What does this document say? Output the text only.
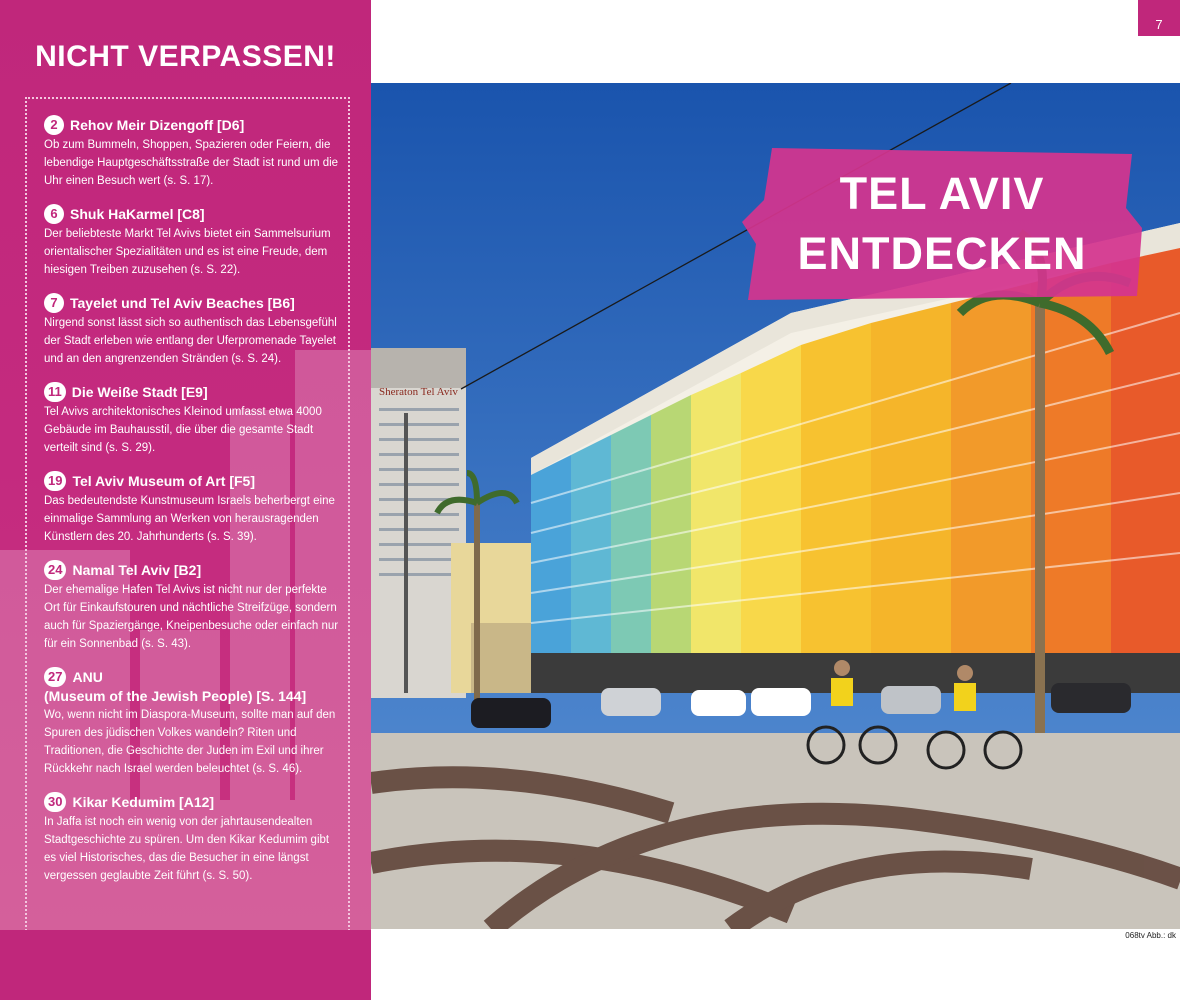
NICHT VERPASSEN!
2 Rehov Meir Dizengoff [D6]
Ob zum Bummeln, Shoppen, Spazieren oder Feiern, die lebendige Hauptgeschäftsstraße der Stadt ist rund um die Uhr einen Besuch wert (s. S. 17).
6 Shuk HaKarmel [C8]
Der beliebteste Markt Tel Avivs bietet ein Sammelsurium orientalischer Spezialitäten und es ist eine Freude, dem hiesigen Treiben zuzusehen (s. S. 22).
7 Tayelet und Tel Aviv Beaches [B6]
Nirgend sonst lässt sich so authentisch das Lebensgefühl der Stadt erleben wie entlang der Uferpromenade Tayelet und an den angrenzenden Stränden (s. S. 24).
11 Die Weiße Stadt [E9]
Tel Avivs architektonisches Kleinod umfasst etwa 4000 Gebäude im Bauhausstil, die über die gesamte Stadt verteilt sind (s. S. 29).
19 Tel Aviv Museum of Art [F5]
Das bedeutendste Kunstmuseum Israels beherbergt eine einmalige Sammlung an Werken von herausragenden Künstlern des 20. Jahrhunderts (s. S. 39).
24 Namal Tel Aviv [B2]
Der ehemalige Hafen Tel Avivs ist nicht nur der perfekte Ort für Einkaufstouren und nächtliche Streifzüge, sondern auch für Spaziergänge, Kneipenbesuche oder einfach nur für ein Sonnenbad (s. S. 43).
27 ANU
(Museum of the Jewish People) [S. 144]
Wo, wenn nicht im Diaspora-Museum, sollte man auf den Spuren des jüdischen Volkes wandeln? Riten und Traditionen, die Geschichte der Juden im Exil und ihrer Rückkehr nach Israel werden beleuchtet (s. S. 46).
30 Kikar Kedumim [A12]
In Jaffa ist noch ein wenig von der jahrtausendealten Stadtgeschichte zu spüren. Um den Kikar Kedumim gibt es viel Historisches, das die Besucher in eine längst vergessen geglaubte Zeit führt (s. S. 50).
Sheraton Tel Aviv
TEL AVIV
ENTDECKEN
7
068tv Abb.: dk
